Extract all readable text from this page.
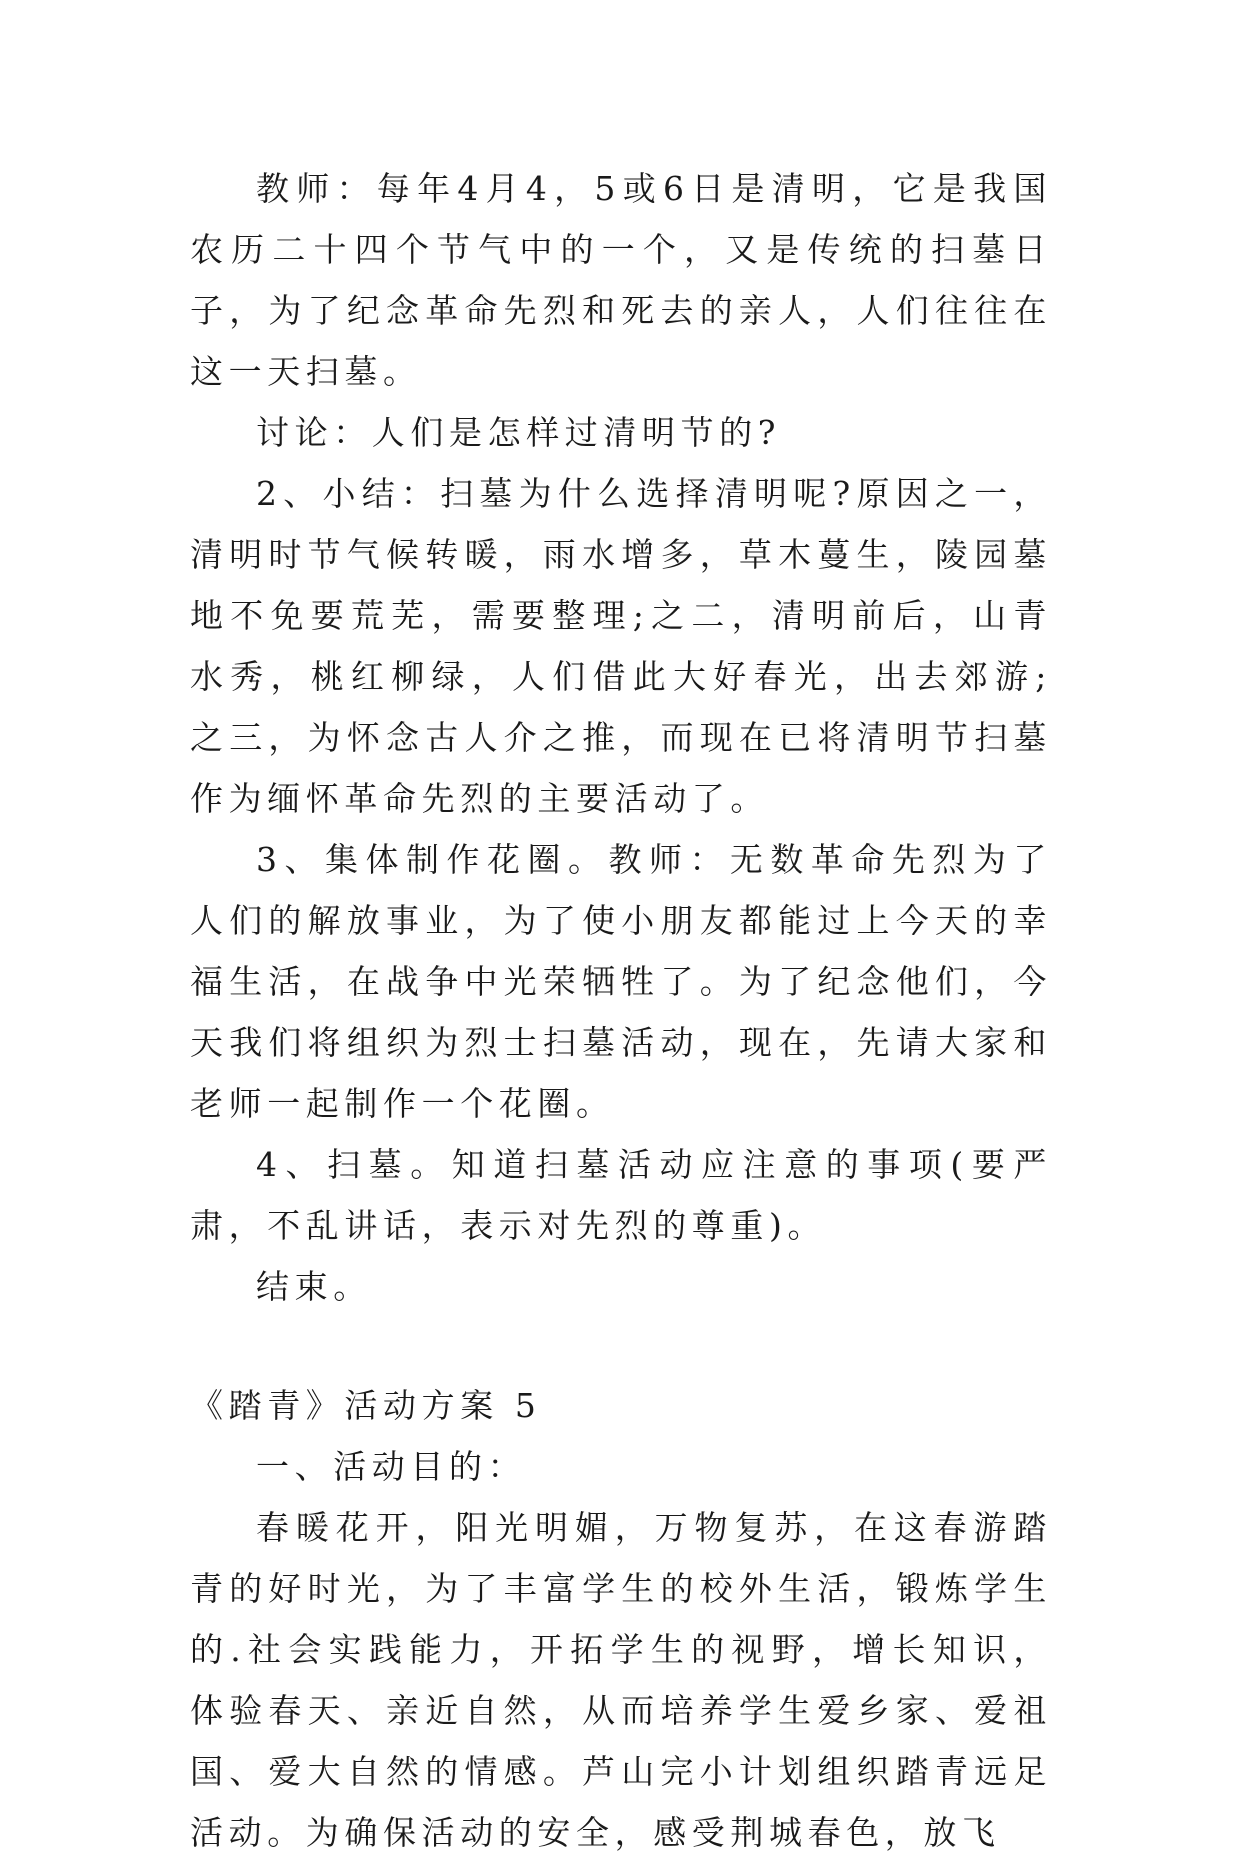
教师：每年4月4，5或6日是清明，它是我国农历二十四个节气中的一个，又是传统的扫墓日子，为了纪念革命先烈和死去的亲人，人们往往在这一天扫墓。

讨论：人们是怎样过清明节的?

2、小结：扫墓为什么选择清明呢?原因之一，清明时节气候转暖，雨水增多，草木蔓生，陵园墓地不免要荒芜，需要整理;之二，清明前后，山青水秀，桃红柳绿，人们借此大好春光，出去郊游;之三，为怀念古人介之推，而现在已将清明节扫墓作为缅怀革命先烈的主要活动了。

3、集体制作花圈。教师：无数革命先烈为了人们的解放事业，为了使小朋友都能过上今天的幸福生活，在战争中光荣牺牲了。为了纪念他们，今天我们将组织为烈士扫墓活动，现在，先请大家和老师一起制作一个花圈。

4、扫墓。知道扫墓活动应注意的事项(要严肃，不乱讲话，表示对先烈的尊重)。

结束。

《踏青》活动方案 5

一、活动目的：

春暖花开，阳光明媚，万物复苏，在这春游踏青的好时光，为了丰富学生的校外生活，锻炼学生的.社会实践能力，开拓学生的视野，增长知识，体验春天、亲近自然，从而培养学生爱乡家、爱祖国、爱大自然的情感。芦山完小计划组织踏青远足活动。为确保活动的安全，感受荆城春色，放飞
